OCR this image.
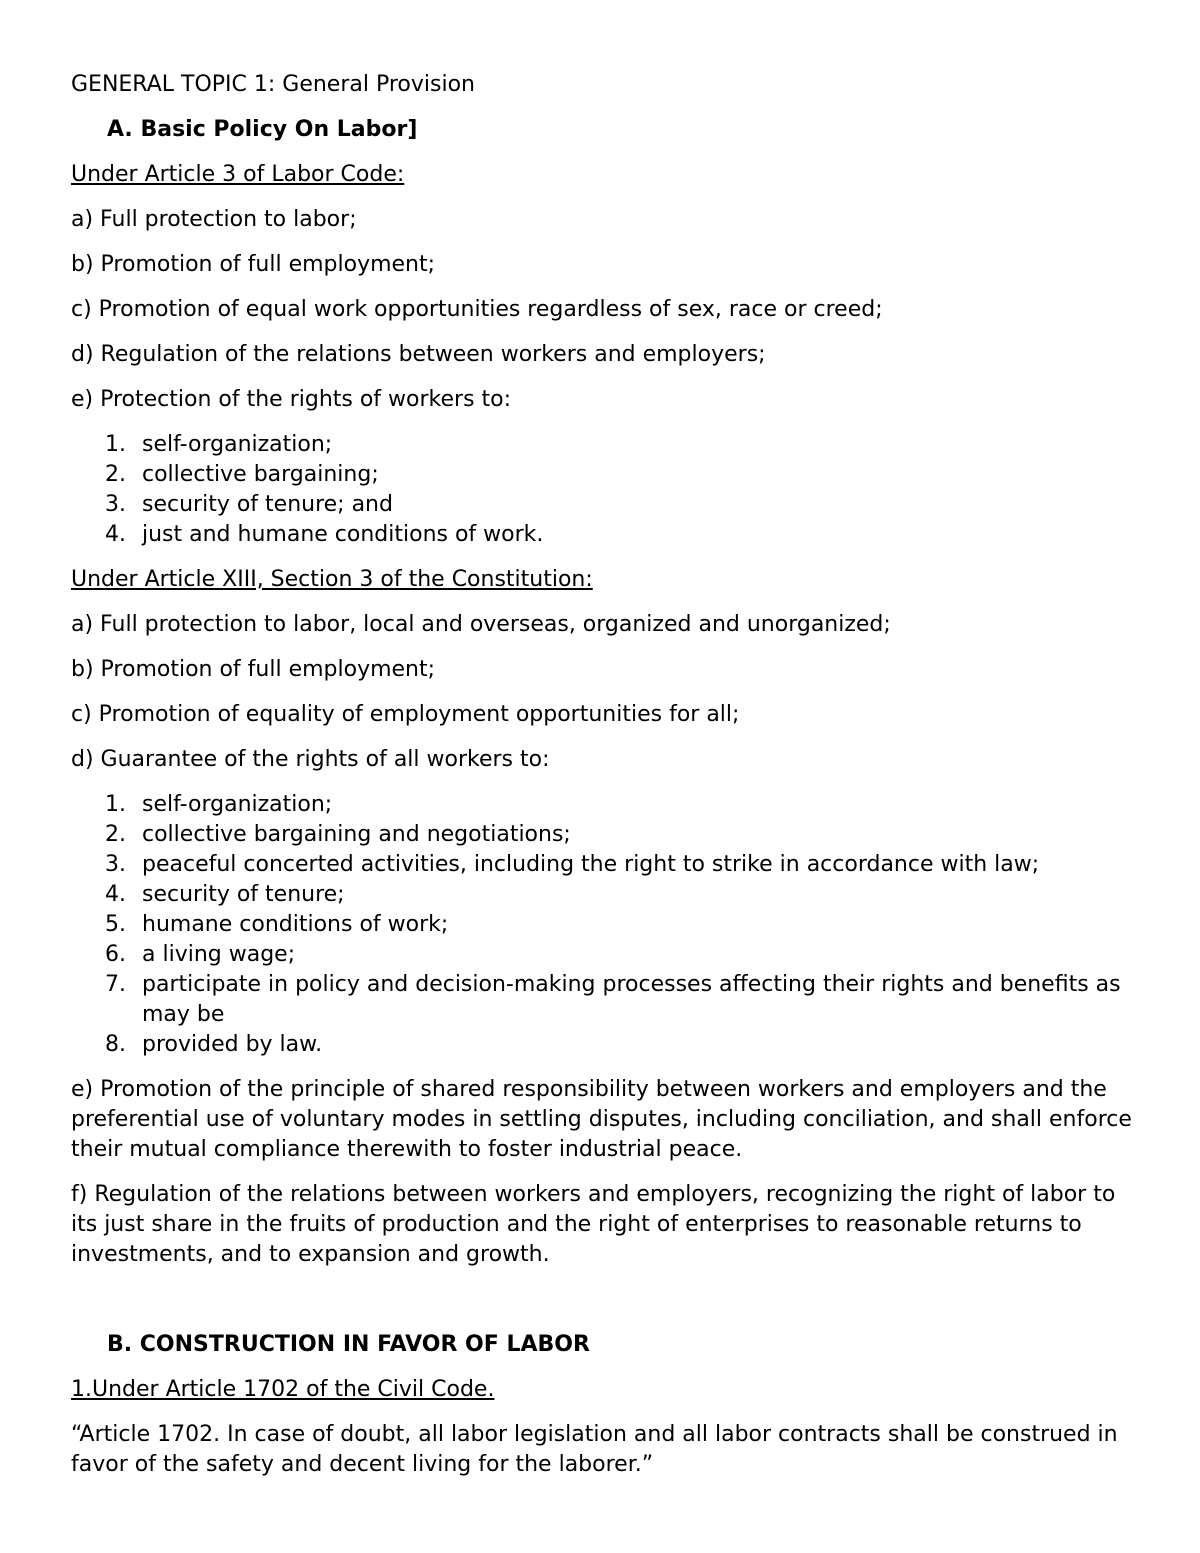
GENERAL TOPIC 1: General Provision

A. Basic Policy On Labor]

Under Article 3 of Labor Code:

a) Full protection to labor;

b) Promotion of full employment;

c) Promotion of equal work opportunities regardless of sex, race or creed;

d) Regulation of the relations between workers and employers;

e) Protection of the rights of workers to:

1. self-organization;
2. collective bargaining;
3. security of tenure; and
4. just and humane conditions of work.

Under Article XIII, Section 3 of the Constitution:

a) Full protection to labor, local and overseas, organized and unorganized;

b) Promotion of full employment;

c) Promotion of equality of employment opportunities for all;

d) Guarantee of the rights of all workers to:

1. self-organization;
2. collective bargaining and negotiations;
3. peaceful concerted activities, including the right to strike in accordance with law;
4. security of tenure;
5. humane conditions of work;
6. a living wage;
7. participate in policy and decision-making processes affecting their rights and benefits as may be
8. provided by law.

e) Promotion of the principle of shared responsibility between workers and employers and the preferential use of voluntary modes in settling disputes, including conciliation, and shall enforce their mutual compliance therewith to foster industrial peace.

f) Regulation of the relations between workers and employers, recognizing the right of labor to its just share in the fruits of production and the right of enterprises to reasonable returns to investments, and to expansion and growth.

B. CONSTRUCTION IN FAVOR OF LABOR

1.Under Article 1702 of the Civil Code.

“Article 1702. In case of doubt, all labor legislation and all labor contracts shall be construed in favor of the safety and decent living for the laborer.”
